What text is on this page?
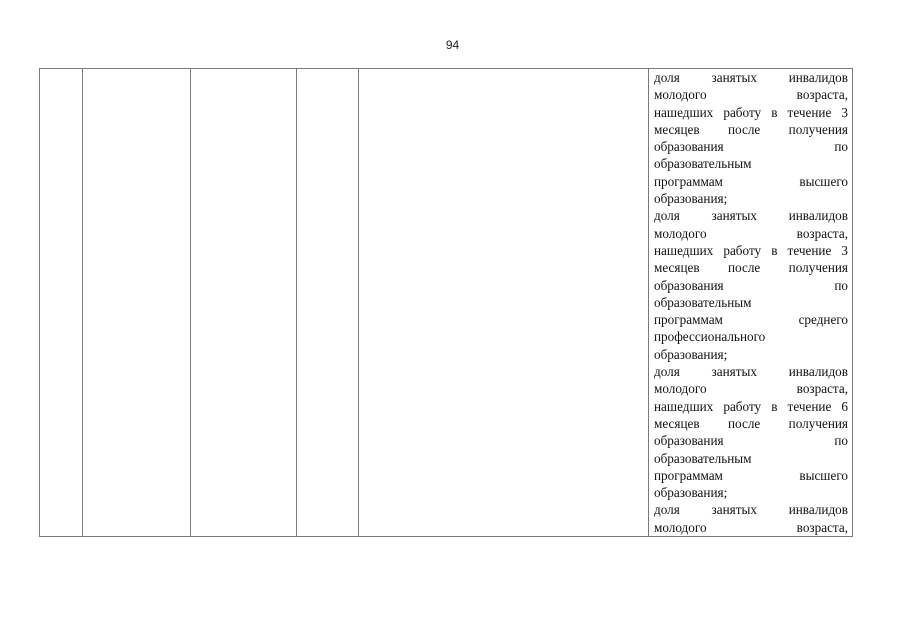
94

доля занятых инвалидов
молодого возраста,
нашедших работу в течение 3
месяцев после получения
образования по
образовательным
программам высшего
образования;
доля занятых инвалидов
молодого возраста,
нашедших работу в течение 3
месяцев после получения
образования по
образовательным
программам среднего
профессионального
образования;
доля занятых инвалидов
молодого возраста,
нашедших работу в течение 6
месяцев после получения
образования по
образовательным
программам высшего
образования;
доля занятых инвалидов
молодого возраста,
